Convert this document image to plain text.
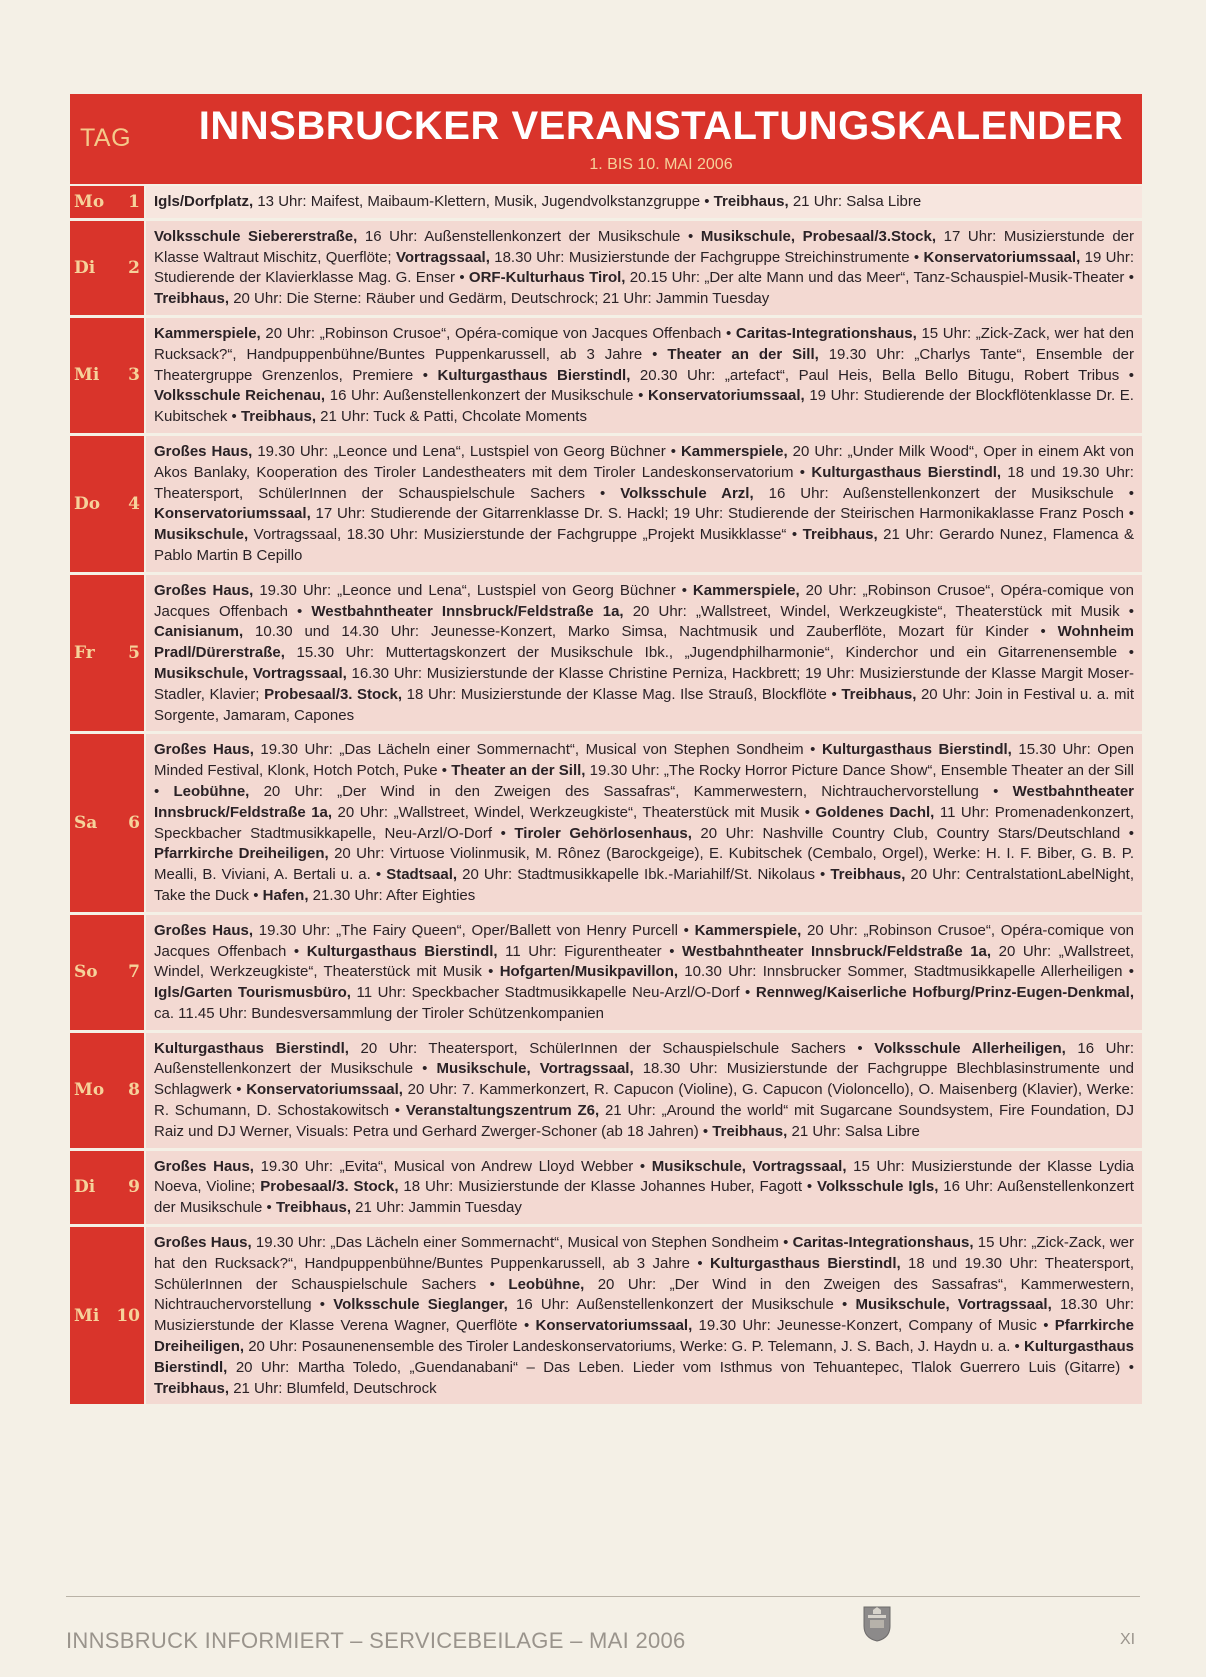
TAG INNSBRUCKER VERANSTALTUNGSKALENDER
1. BIS 10. MAI 2006
Mo 1 Igls/Dorfplatz, 13 Uhr: Maifest, Maibaum-Klettern, Musik, Jugendvolkstanzgruppe • Treibhaus, 21 Uhr: Salsa Libre
Di 2
Volksschule Siebererstraße, 16 Uhr: Außenstellenkonzert der Musikschule • Musikschule, Probesaal/3.Stock, 17 Uhr: Musizierstunde der Klasse Waltraut Mischitz, Querflöte; Vortragssaal, 18.30 Uhr: Musizierstunde der Fachgruppe Streichinstrumente • Konservatoriumssaal, 19 Uhr: Studierende der Klavierklasse Mag. G. Enser • ORF-Kulturhaus Tirol, 20.15 Uhr: „Der alte Mann und das Meer“, Tanz-Schauspiel-Musik-Theater • Treibhaus, 20 Uhr: Die Sterne: Räuber und Gedärm, Deutschrock; 21 Uhr: Jammin Tuesday
Mi 3
Kammerspiele, 20 Uhr: „Robinson Crusoe“, Opéra-comique von Jacques Offenbach • Caritas-Integrationshaus, 15 Uhr: „Zick-Zack, wer hat den Rucksack?“, Handpuppenbühne/Buntes Puppenkarussell, ab 3 Jahre • Theater an der Sill, 19.30 Uhr: „Charlys Tante“, Ensemble der Theatergruppe Grenzenlos, Premiere • Kulturgasthaus Bierstindl, 20.30 Uhr: „artefact“, Paul Heis, Bella Bello Bitugu, Robert Tribus • Volksschule Reichenau, 16 Uhr: Außenstellenkonzert der Musikschule • Konservatoriumssaal, 19 Uhr: Studierende der Blockflötenklasse Dr. E. Kubitschek • Treibhaus, 21 Uhr: Tuck & Patti, Chcolate Moments
Do 4
Großes Haus, 19.30 Uhr: „Leonce und Lena“, Lustspiel von Georg Büchner • Kammerspiele, 20 Uhr: „Under Milk Wood“, Oper in einem Akt von Akos Banlaky, Kooperation des Tiroler Landestheaters mit dem Tiroler Landeskonservatorium • Kulturgasthaus Bierstindl, 18 und 19.30 Uhr: Theatersport, SchülerInnen der Schauspielschule Sachers • Volksschule Arzl, 16 Uhr: Außenstellenkonzert der Musikschule • Konservatoriumssaal, 17 Uhr: Studierende der Gitarrenklasse Dr. S. Hackl; 19 Uhr: Studierende der Steirischen Harmonikaklasse Franz Posch • Musikschule, Vortragssaal, 18.30 Uhr: Musizierstunde der Fachgruppe „Projekt Musikklasse“ • Treibhaus, 21 Uhr: Gerardo Nunez, Flamenca & Pablo Martin B Cepillo
Fr 5
Großes Haus, 19.30 Uhr: „Leonce und Lena“, Lustspiel von Georg Büchner • Kammerspiele, 20 Uhr: „Robinson Crusoe“, Opéra-comique von Jacques Offenbach • Westbahntheater Innsbruck/Feldstraße 1a, 20 Uhr: „Wallstreet, Windel, Werkzeugkiste“, Theaterstück mit Musik • Canisianum, 10.30 und 14.30 Uhr: Jeunesse-Konzert, Marko Simsa, Nachtmusik und Zauberflöte, Mozart für Kinder • Wohnheim Pradl/Dürerstraße, 15.30 Uhr: Muttertagskonzert der Musikschule Ibk., „Jugendphilharmonie“, Kinderchor und ein Gitarrenensemble • Musikschule, Vortragssaal, 16.30 Uhr: Musizierstunde der Klasse Christine Perniza, Hackbrett; 19 Uhr: Musizierstunde der Klasse Margit Moser-Stadler, Klavier; Probesaal/3. Stock, 18 Uhr: Musizierstunde der Klasse Mag. Ilse Strauß, Blockflöte • Treibhaus, 20 Uhr: Join in Festival u. a. mit Sorgente, Jamaram, Capones
Sa 6
Großes Haus, 19.30 Uhr: „Das Lächeln einer Sommernacht“, Musical von Stephen Sondheim • Kulturgasthaus Bierstindl, 15.30 Uhr: Open Minded Festival, Klonk, Hotch Potch, Puke • Theater an der Sill, 19.30 Uhr: „The Rocky Horror Picture Dance Show“, Ensemble Theater an der Sill • Leobühne, 20 Uhr: „Der Wind in den Zweigen des Sassafras“, Kammerwestern, Nichtrauchervorstellung • Westbahntheater Innsbruck/Feldstraße 1a, 20 Uhr: „Wallstreet, Windel, Werkzeugkiste“, Theaterstück mit Musik • Goldenes Dachl, 11 Uhr: Promenadenkonzert, Speckbacher Stadtmusikkapelle, Neu-Arzl/O-Dorf • Tiroler Gehörlosenhaus, 20 Uhr: Nashville Country Club, Country Stars/Deutschland • Pfarrkirche Dreiheiligen, 20 Uhr: Virtuose Violinmusik, M. Rônez (Barockgeige), E. Kubitschek (Cembalo, Orgel), Werke: H. I. F. Biber, G. B. P. Mealli, B. Viviani, A. Bertali u. a. • Stadtsaal, 20 Uhr: Stadtmusikkapelle Ibk.-Mariahilf/St. Nikolaus • Treibhaus, 20 Uhr: CentralstationLabelNight, Take the Duck • Hafen, 21.30 Uhr: After Eighties
So 7
Großes Haus, 19.30 Uhr: „The Fairy Queen“, Oper/Ballett von Henry Purcell • Kammerspiele, 20 Uhr: „Robinson Crusoe“, Opéra-comique von Jacques Offenbach • Kulturgasthaus Bierstindl, 11 Uhr: Figurentheater • Westbahntheater Innsbruck/Feldstraße 1a, 20 Uhr: „Wallstreet, Windel, Werkzeugkiste“, Theaterstück mit Musik • Hofgarten/Musikpavillon, 10.30 Uhr: Innsbrucker Sommer, Stadtmusikkapelle Allerheiligen • Igls/Garten Tourismusbüro, 11 Uhr: Speckbacher Stadtmusikkapelle Neu-Arzl/O-Dorf • Rennweg/Kaiserliche Hofburg/Prinz-Eugen-Denkmal, ca. 11.45 Uhr: Bundesversammlung der Tiroler Schützenkompanien
Mo 8
Kulturgasthaus Bierstindl, 20 Uhr: Theatersport, SchülerInnen der Schauspielschule Sachers • Volksschule Allerheiligen, 16 Uhr: Außenstellenkonzert der Musikschule • Musikschule, Vortragssaal, 18.30 Uhr: Musizierstunde der Fachgruppe Blechblasinstrumente und Schlagwerk • Konservatoriumssaal, 20 Uhr: 7. Kammerkonzert, R. Capucon (Violine), G. Capucon (Violoncello), O. Maisenberg (Klavier), Werke: R. Schumann, D. Schostakowitsch • Veranstaltungszentrum Z6, 21 Uhr: „Around the world“ mit Sugarcane Soundsystem, Fire Foundation, DJ Raiz und DJ Werner, Visuals: Petra und Gerhard Zwerger-Schoner (ab 18 Jahren) • Treibhaus, 21 Uhr: Salsa Libre
Di 9
Großes Haus, 19.30 Uhr: „Evita“, Musical von Andrew Lloyd Webber • Musikschule, Vortragssaal, 15 Uhr: Musizierstunde der Klasse Lydia Noeva, Violine; Probesaal/3. Stock, 18 Uhr: Musizierstunde der Klasse Johannes Huber, Fagott • Volksschule Igls, 16 Uhr: Außenstellenkonzert der Musikschule • Treibhaus, 21 Uhr: Jammin Tuesday
Mi 10
Großes Haus, 19.30 Uhr: „Das Lächeln einer Sommernacht“, Musical von Stephen Sondheim • Caritas-Integrationshaus, 15 Uhr: „Zick-Zack, wer hat den Rucksack?“, Handpuppenbühne/Buntes Puppenkarussell, ab 3 Jahre • Kulturgasthaus Bierstindl, 18 und 19.30 Uhr: Theatersport, SchülerInnen der Schauspielschule Sachers • Leobühne, 20 Uhr: „Der Wind in den Zweigen des Sassafras“, Kammerwestern, Nichtrauchervorstellung • Volksschule Sieglanger, 16 Uhr: Außenstellenkonzert der Musikschule • Musikschule, Vortragssaal, 18.30 Uhr: Musizierstunde der Klasse Verena Wagner, Querflöte • Konservatoriumssaal, 19.30 Uhr: Jeunesse-Konzert, Company of Music • Pfarrkirche Dreiheiligen, 20 Uhr: Posaunenensemble des Tiroler Landeskonservatoriums, Werke: G. P. Telemann, J. S. Bach, J. Haydn u. a. • Kulturgasthaus Bierstindl, 20 Uhr: Martha Toledo, „Guendanabani“ – Das Leben. Lieder vom Isthmus von Tehuantepec, Tlalok Guerrero Luis (Gitarre) • Treibhaus, 21 Uhr: Blumfeld, Deutschrock
INNSBRUCK INFORMIERT – SERVICEBEILAGE – MAI 2006	XI
